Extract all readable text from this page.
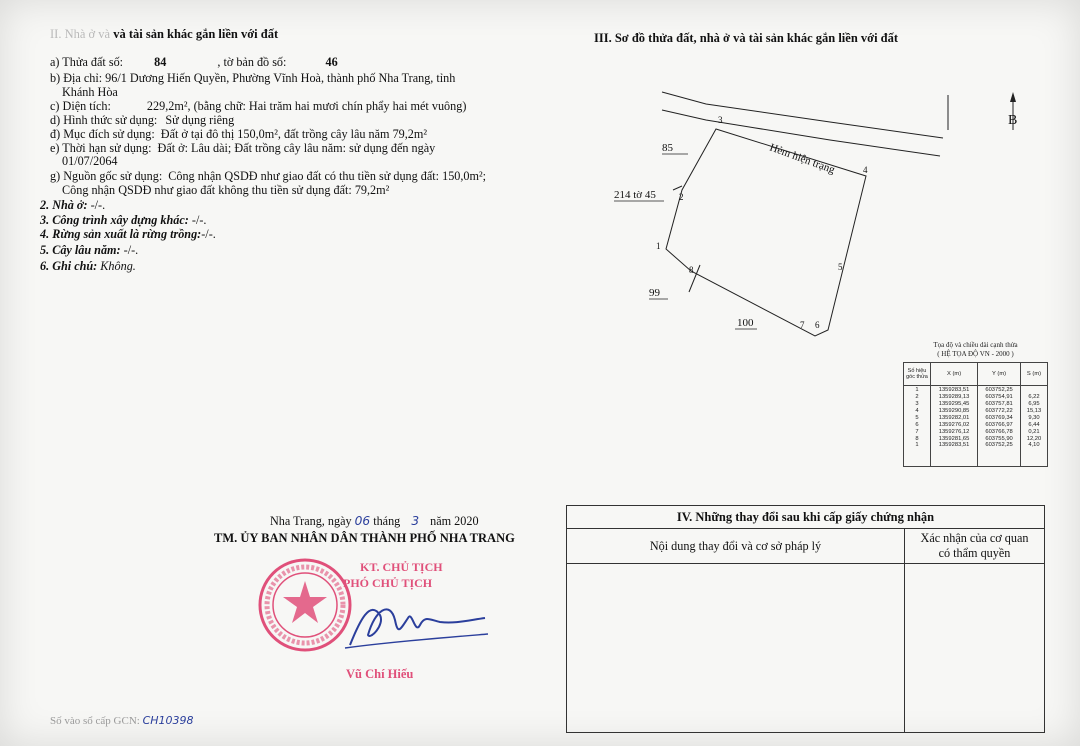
II. Nhà ở và và tài sản khác gắn liền với đất
a) Thửa đất số:	84	, tờ bản đồ số:	46
b) Địa chỉ: 96/1 Dương Hiến Quyền, Phường Vĩnh Hoà, thành phố Nha Trang, tỉnh
Khánh Hòa
c) Diện tích:	229,2m², (bằng chữ: Hai trăm hai mươi chín phẩy hai mét vuông)
d) Hình thức sử dụng: Sử dụng riêng
đ) Mục đích sử dụng: Đất ở tại đô thị 150,0m², đất trồng cây lâu năm 79,2m²
e) Thời hạn sử dụng: Đất ở: Lâu dài; Đất trồng cây lâu năm: sử dụng đến ngày
01/07/2064
g) Nguồn gốc sử dụng: Công nhận QSDĐ như giao đất có thu tiền sử dụng đất: 150,0m²;
Công nhận QSDĐ như giao đất không thu tiền sử dụng đất: 79,2m²
2. Nhà ở: -/-.
3. Công trình xây dựng khác: -/-.
4. Rừng sản xuất là rừng trồng:-/-.
5. Cây lâu năm: -/-.
6. Ghi chú: Không.
III. Sơ đồ thửa đất, nhà ở và tài sản khác gắn liền với đất
Hẻm hiện trạng
1
2
3
4
5
6
7
8
85
214 tờ 45
99
100
B
Tọa độ và chiều dài cạnh thửa
( HỆ TỌA ĐỘ VN - 2000 )
Số hiệu góc thửa	X (m)	Y (m)	S (m)
1	1359283,51	603752,25	
2	1359289,13	603754,91	6,22
3	1359295,45	603757,81	6,95
4	1359290,85	603772,22	15,13
5	1359282,01	603769,34	9,30
6	1359276,02	603766,97	6,44
7	1359276,12	603766,78	0,21
8	1359281,65	603755,90	12,20
1	1359283,51	603752,25	4,10
Nha Trang, ngày 06 tháng 3 năm 2020
TM. ỦY BAN NHÂN DÂN THÀNH PHỐ NHA TRANG
KT. CHỦ TỊCH
PHÓ CHỦ TỊCH
Vũ Chí Hiếu
Số vào sổ cấp GCN: CH10398
IV. Những thay đổi sau khi cấp giấy chứng nhận
Nội dung thay đổi và cơ sở pháp lý
Xác nhận của cơ quan
có thẩm quyền
